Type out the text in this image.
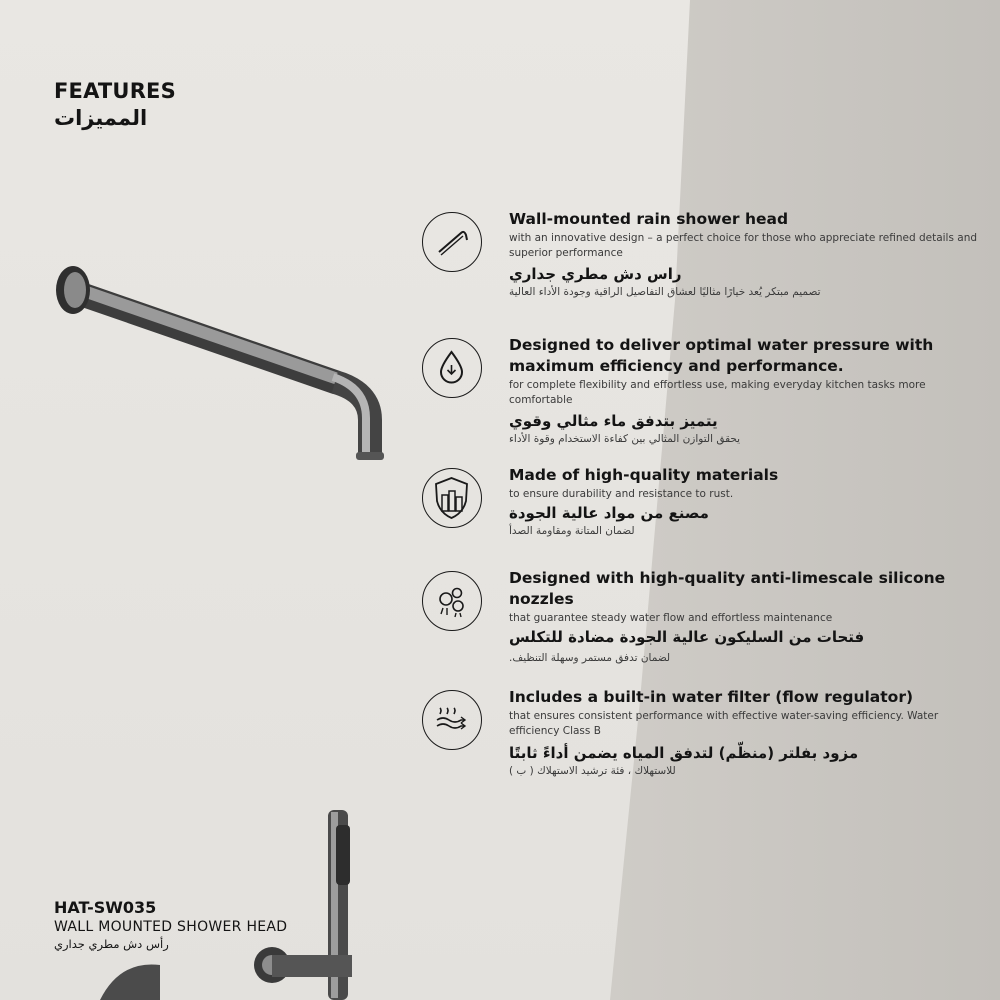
FEATURES
المميزات

Wall-mounted rain shower head

with an innovative design – a perfect choice for those who appreciate refined details and superior performance

راس دش مطري جداري

تصميم مبتكر يُعد خيارًا مثاليًا لعشاق التفاصيل الراقية وجودة الأداء العالية

Designed to deliver optimal water pressure with maximum efficiency and performance.

for complete flexibility and effortless use, making everyday kitchen tasks more comfortable

يتميز بتدفق ماء مثالي وقوي

يحقق التوازن المثالي بين كفاءة الاستخدام وقوة الأداء

Made of high-quality materials

to ensure durability and resistance to rust.

مصنع من مواد عالية الجودة

لضمان المتانة ومقاومة الصدأ

Designed with high-quality anti-limescale silicone nozzles

that guarantee steady water flow and effortless maintenance

فتحات من السليكون عالية الجودة مضادة للتكلس

لضمان تدفق مستمر وسهلة التنظيف.

Includes a built-in water filter (flow regulator)

that ensures consistent performance with effective water-saving efficiency. Water efficiency Class B

مزود بفلتر (منظّم) لتدفق المياه يضمن أداءً ثابتًا

للاستهلاك ، فئة ترشيد الاستهلاك ( ب )

HAT-SW035
WALL MOUNTED SHOWER HEAD
رأس دش مطري جداري
